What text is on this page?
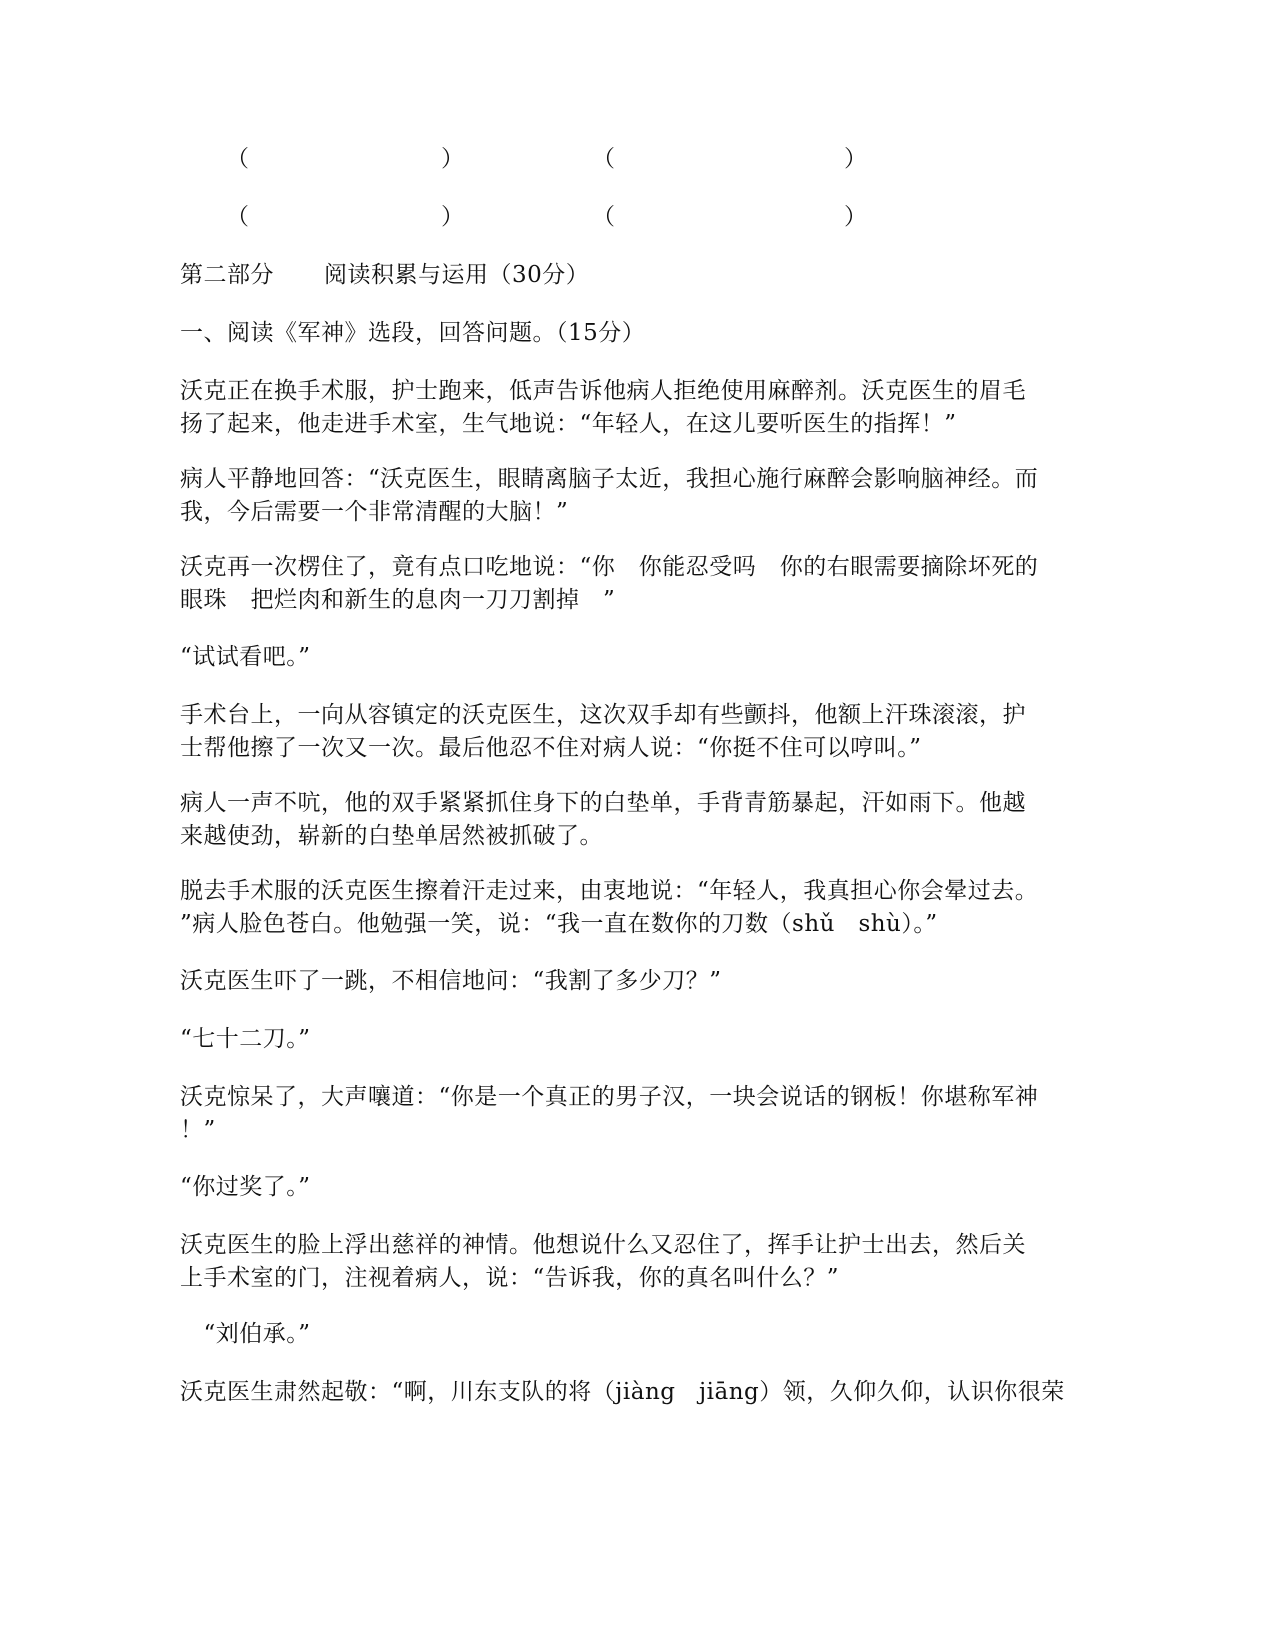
（	）	（	）
（	）	（	）
第二部分 阅读积累与运用（30分）
一、阅读《军神》选段，回答问题。（15分）
沃克正在换手术服，护士跑来，低声告诉他病人拒绝使用麻醉剂。沃克医生的眉毛
扬了起来，他走进手术室，生气地说：“年轻人，在这儿要听医生的指挥！”
病人平静地回答：“沃克医生，眼睛离脑子太近，我担心施行麻醉会影响脑神经。而
我，今后需要一个非常清醒的大脑！”
沃克再一次楞住了，竟有点口吃地说：“你　你能忍受吗　你的右眼需要摘除坏死的
眼珠　把烂肉和新生的息肉一刀刀割掉　”
“试试看吧。”
手术台上，一向从容镇定的沃克医生，这次双手却有些颤抖，他额上汗珠滚滚，护
士帮他擦了一次又一次。最后他忍不住对病人说：“你挺不住可以哼叫。”
病人一声不吭，他的双手紧紧抓住身下的白垫单，手背青筋暴起，汗如雨下。他越
来越使劲，崭新的白垫单居然被抓破了。
脱去手术服的沃克医生擦着汗走过来，由衷地说：“年轻人，我真担心你会晕过去。
”病人脸色苍白。他勉强一笑，说：“我一直在数你的刀数（shǔ　shù）。”
沃克医生吓了一跳，不相信地问：“我割了多少刀？”
“七十二刀。”
沃克惊呆了，大声嚷道：“你是一个真正的男子汉，一块会说话的钢板！你堪称军神
！”
“你过奖了。”
沃克医生的脸上浮出慈祥的神情。他想说什么又忍住了，挥手让护士出去，然后关
上手术室的门，注视着病人，说：“告诉我，你的真名叫什么？”
　“刘伯承。”
沃克医生肃然起敬：“啊，川东支队的将（jiàng　jiāng）领，久仰久仰，认识你很荣
